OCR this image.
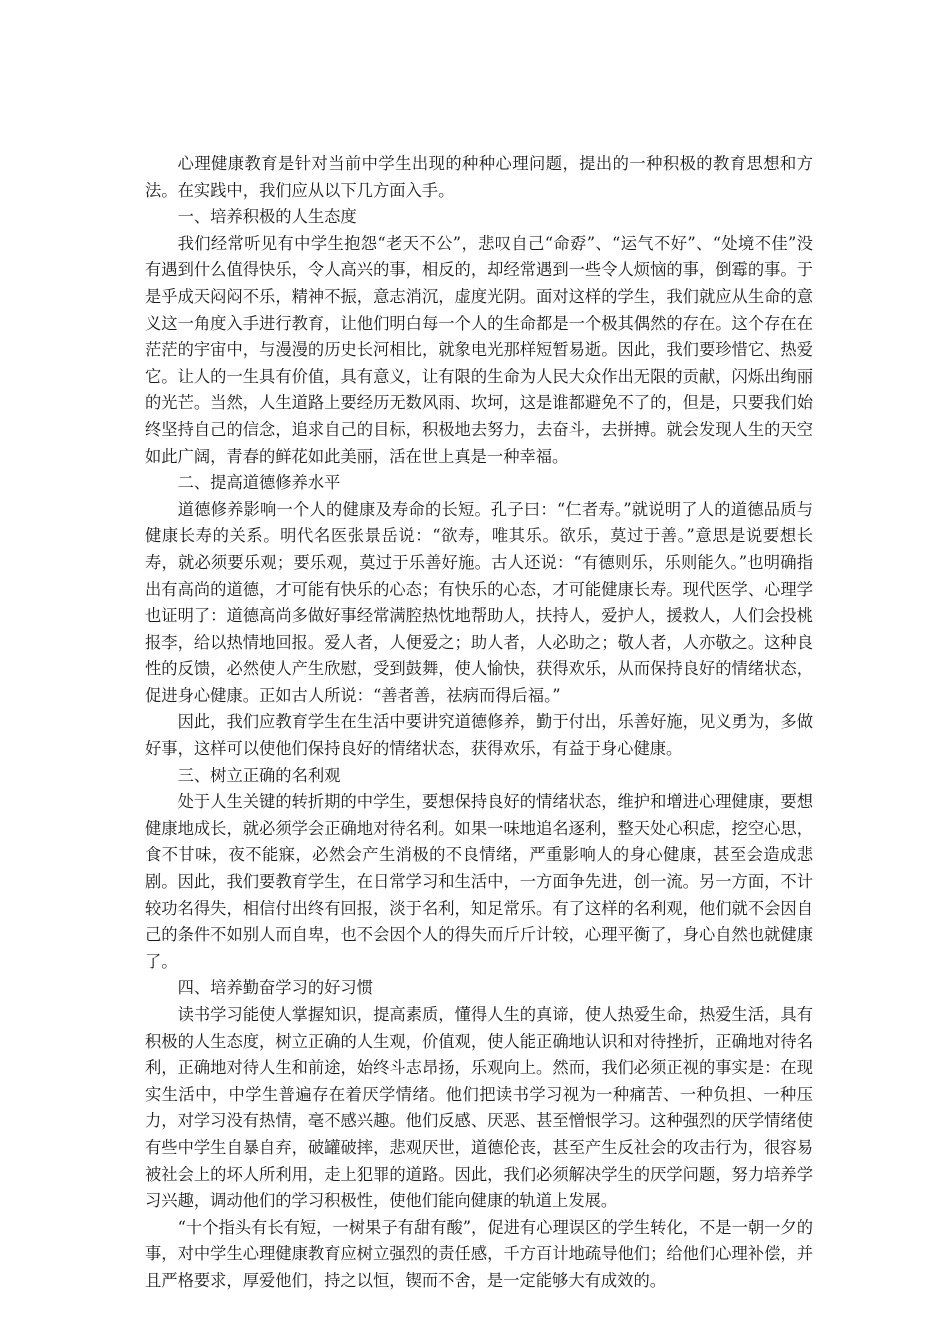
心理健康教育是针对当前中学生出现的种种心理问题，提出的一种积极的教育思想和方法。在实践中，我们应从以下几方面入手。

一、培养积极的人生态度

我们经常听见有中学生抱怨“老天不公”，悲叹自己“命孬”、“运气不好”、“处境不佳”没有遇到什么值得快乐，令人高兴的事，相反的，却经常遇到一些令人烦恼的事，倒霉的事。于是乎成天闷闷不乐，精神不振，意志消沉，虚度光阴。面对这样的学生，我们就应从生命的意义这一角度入手进行教育，让他们明白每一个人的生命都是一个极其偶然的存在。这个存在在茫茫的宇宙中，与漫漫的历史长河相比，就象电光那样短暂易逝。因此，我们要珍惜它、热爱它。让人的一生具有价值，具有意义，让有限的生命为人民大众作出无限的贡献，闪烁出绚丽的光芒。当然，人生道路上要经历无数风雨、坎坷，这是谁都避免不了的，但是，只要我们始终坚持自己的信念，追求自己的目标，积极地去努力，去奋斗，去拼搏。就会发现人生的天空如此广阔，青春的鲜花如此美丽，活在世上真是一种幸福。

二、提高道德修养水平

道德修养影响一个人的健康及寿命的长短。孔子曰：“仁者寿。”就说明了人的道德品质与健康长寿的关系。明代名医张景岳说：“欲寿，唯其乐。欲乐，莫过于善。”意思是说要想长寿，就必须要乐观；要乐观，莫过于乐善好施。古人还说：“有德则乐，乐则能久。”也明确指出有高尚的道德，才可能有快乐的心态；有快乐的心态，才可能健康长寿。现代医学、心理学也证明了：道德高尚多做好事经常满腔热忱地帮助人，扶持人，爱护人，援救人，人们会投桃报李，给以热情地回报。爱人者，人便爱之；助人者，人必助之；敬人者，人亦敬之。这种良性的反馈，必然使人产生欣慰，受到鼓舞，使人愉快，获得欢乐，从而保持良好的情绪状态，促进身心健康。正如古人所说：“善者善，祛病而得后福。”

因此，我们应教育学生在生活中要讲究道德修养，勤于付出，乐善好施，见义勇为，多做好事，这样可以使他们保持良好的情绪状态，获得欢乐，有益于身心健康。

三、树立正确的名利观

处于人生关键的转折期的中学生，要想保持良好的情绪状态，维护和增进心理健康，要想健康地成长，就必须学会正确地对待名利。如果一味地追名逐利，整天处心积虑，挖空心思，食不甘味，夜不能寐，必然会产生消极的不良情绪，严重影响人的身心健康，甚至会造成悲剧。因此，我们要教育学生，在日常学习和生活中，一方面争先进，创一流。另一方面，不计较功名得失，相信付出终有回报，淡于名利，知足常乐。有了这样的名利观，他们就不会因自己的条件不如别人而自卑，也不会因个人的得失而斤斤计较，心理平衡了，身心自然也就健康了。

四、培养勤奋学习的好习惯

读书学习能使人掌握知识，提高素质，懂得人生的真谛，使人热爱生命，热爱生活，具有积极的人生态度，树立正确的人生观，价值观，使人能正确地认识和对待挫折，正确地对待名利，正确地对待人生和前途，始终斗志昂扬，乐观向上。然而，我们必须正视的事实是：在现实生活中，中学生普遍存在着厌学情绪。他们把读书学习视为一种痛苦、一种负担、一种压力，对学习没有热情，毫不感兴趣。他们反感、厌恶、甚至憎恨学习。这种强烈的厌学情绪使有些中学生自暴自弃，破罐破摔，悲观厌世，道德伦丧，甚至产生反社会的攻击行为，很容易被社会上的坏人所利用，走上犯罪的道路。因此，我们必须解决学生的厌学问题，努力培养学习兴趣，调动他们的学习积极性，使他们能向健康的轨道上发展。

“十个指头有长有短，一树果子有甜有酸”，促进有心理误区的学生转化，不是一朝一夕的事，对中学生心理健康教育应树立强烈的责任感，千方百计地疏导他们；给他们心理补偿，并且严格要求，厚爱他们，持之以恒，锲而不舍，是一定能够大有成效的。
